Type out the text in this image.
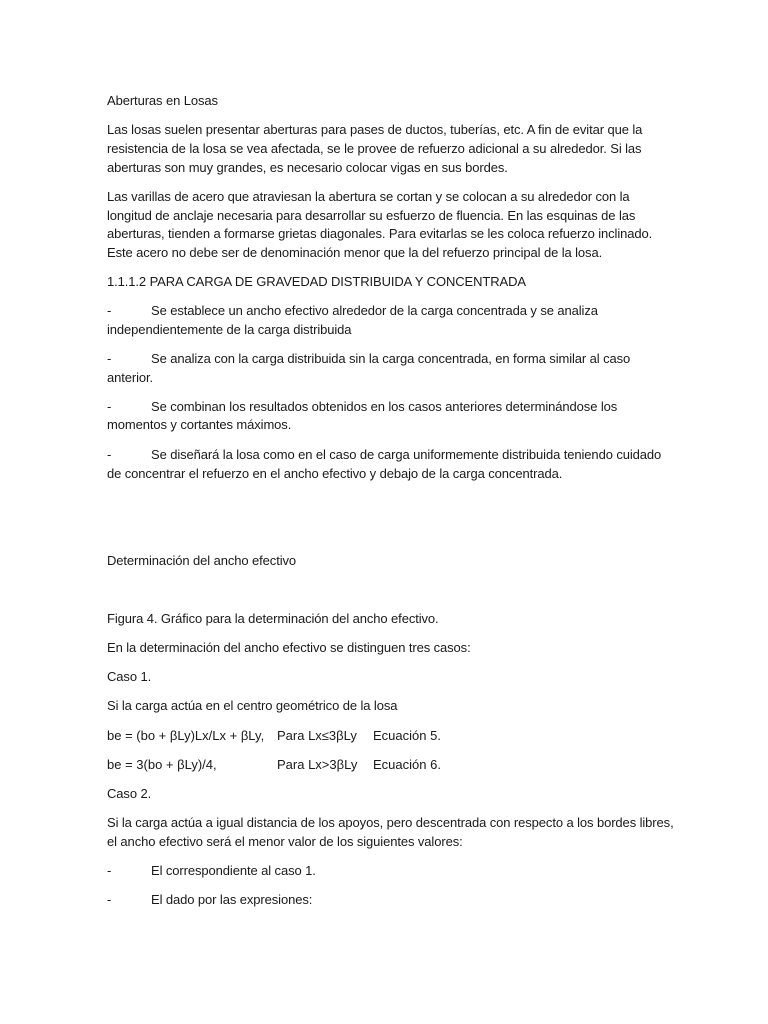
Aberturas en Losas
Las losas suelen presentar aberturas para pases de ductos, tuberías, etc. A fin de evitar que la
resistencia de la losa se vea afectada, se le provee de refuerzo adicional a su alrededor. Si las
aberturas son muy grandes, es necesario colocar vigas en sus bordes.
Las varillas de acero que atraviesan la abertura se cortan y se colocan a su alrededor con la
longitud de anclaje necesaria para desarrollar su esfuerzo de fluencia. En las esquinas de las
aberturas, tienden a formarse grietas diagonales. Para evitarlas se les coloca refuerzo inclinado.
Este acero no debe ser de denominación menor que la del refuerzo principal de la losa.
1.1.1.2 PARA CARGA DE GRAVEDAD DISTRIBUIDA Y CONCENTRADA
-	Se establece un ancho efectivo alrededor de la carga concentrada y se analiza
independientemente de la carga distribuida
-	Se analiza con la carga distribuida sin la carga concentrada, en forma similar al caso
anterior.
-	Se combinan los resultados obtenidos en los casos anteriores determinándose los
momentos y cortantes máximos.
-	Se diseñará la losa como en el caso de carga uniformemente distribuida teniendo cuidado
de concentrar el refuerzo en el ancho efectivo y debajo de la carga concentrada.
Determinación del ancho efectivo
Figura 4. Gráfico para la determinación del ancho efectivo.
En la determinación del ancho efectivo se distinguen tres casos:
Caso 1.
Si la carga actúa en el centro geométrico de la losa
be = (bo + βLy)Lx/Lx + βLy, Para Lx≤3βLy Ecuación 5.
be = 3(bo + βLy)/4,	Para Lx>3βLy Ecuación 6.
Caso 2.
Si la carga actúa a igual distancia de los apoyos, pero descentrada con respecto a los bordes libres,
el ancho efectivo será el menor valor de los siguientes valores:
-	El correspondiente al caso 1.
-	El dado por las expresiones:
